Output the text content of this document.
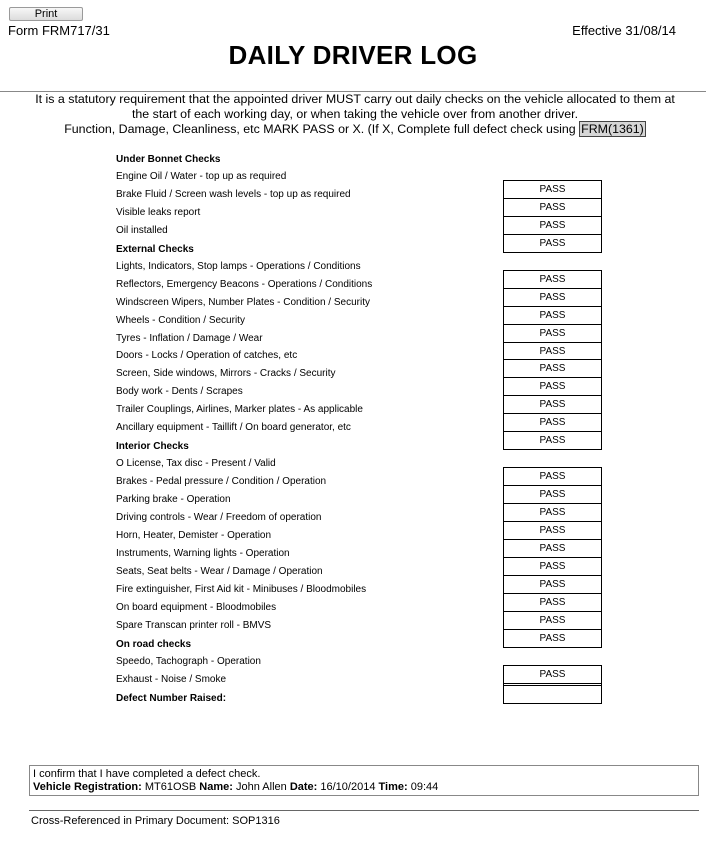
Print
Form FRM717/31	Effective 31/08/14
DAILY DRIVER LOG
It is a statutory requirement that the appointed driver MUST carry out daily checks on the vehicle allocated to them at
the start of each working day, or when taking the vehicle over from another driver.
Function, Damage, Cleanliness, etc MARK PASS or X. (If X, Complete full defect check using FRM(1361)
Under Bonnet Checks
Engine Oil / Water - top up as required
PASS
Brake Fluid / Screen wash levels - top up as required
PASS
Visible leaks report
PASS
Oil installed
PASS
External Checks
Lights, Indicators, Stop lamps - Operations / Conditions
PASS
Reflectors, Emergency Beacons - Operations / Conditions
PASS
Windscreen Wipers, Number Plates - Condition / Security
PASS
Wheels - Condition / Security
PASS
Tyres - Inflation / Damage / Wear
PASS
Doors - Locks / Operation of catches, etc
PASS
Screen, Side windows, Mirrors - Cracks / Security
PASS
Body work - Dents / Scrapes
PASS
Trailer Couplings, Airlines, Marker plates - As applicable
PASS
Ancillary equipment - Taillift / On board generator, etc
PASS
Interior Checks
O License, Tax disc - Present / Valid
PASS
Brakes - Pedal pressure / Condition / Operation
PASS
Parking brake - Operation
PASS
Driving controls - Wear / Freedom of operation
PASS
Horn, Heater, Demister - Operation
PASS
Instruments, Warning lights - Operation
PASS
Seats, Seat belts - Wear / Damage / Operation
PASS
Fire extinguisher, First Aid kit - Minibuses / Bloodmobiles
PASS
On board equipment - Bloodmobiles
PASS
Spare Transcan printer roll - BMVS
PASS
On road checks
Speedo, Tachograph - Operation
PASS
Exhaust - Noise / Smoke
Defect Number Raised:
I confirm that I have completed a defect check.
Vehicle Registration: MT61OSB Name: John Allen Date: 16/10/2014 Time: 09:44
Cross-Referenced in Primary Document: SOP1316
